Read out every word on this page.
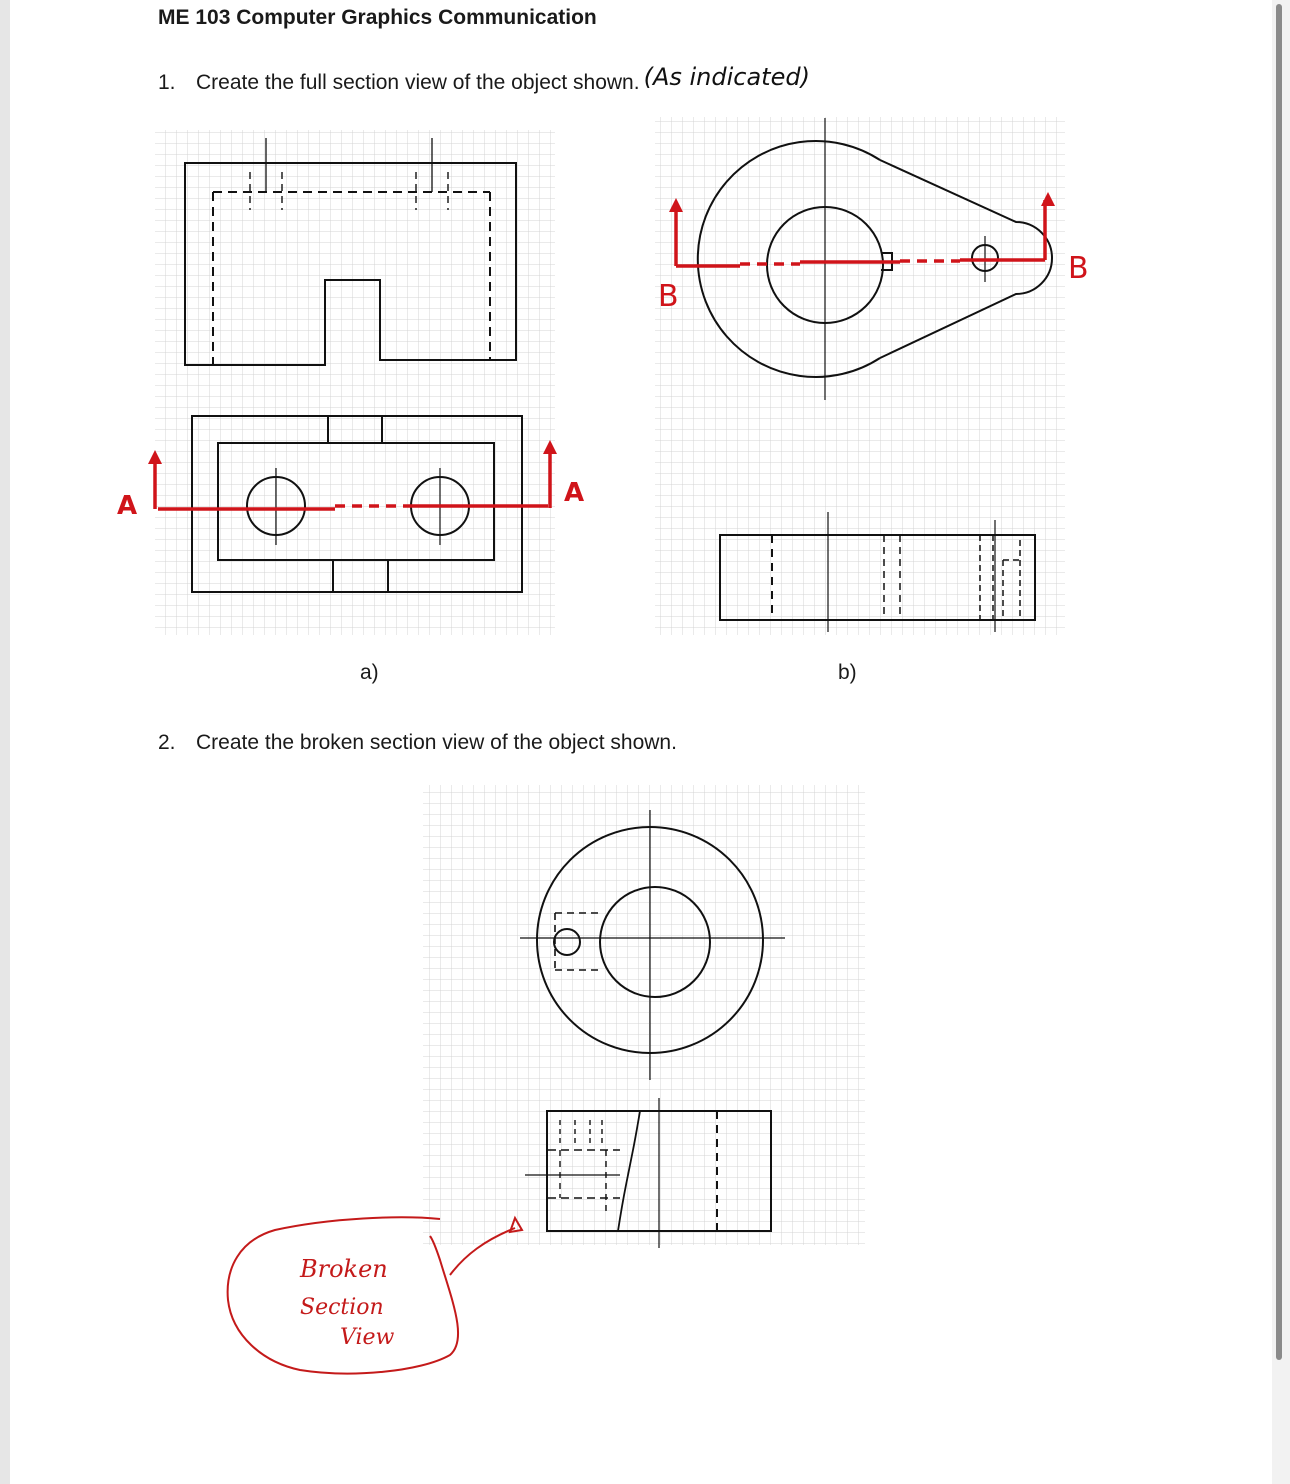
ME 103 Computer Graphics Communication
1. Create the full section view of the object shown. (As indicated)
A	A
B
B
a)	b)
2. Create the broken section view of the object shown.
Broken
Section
View
